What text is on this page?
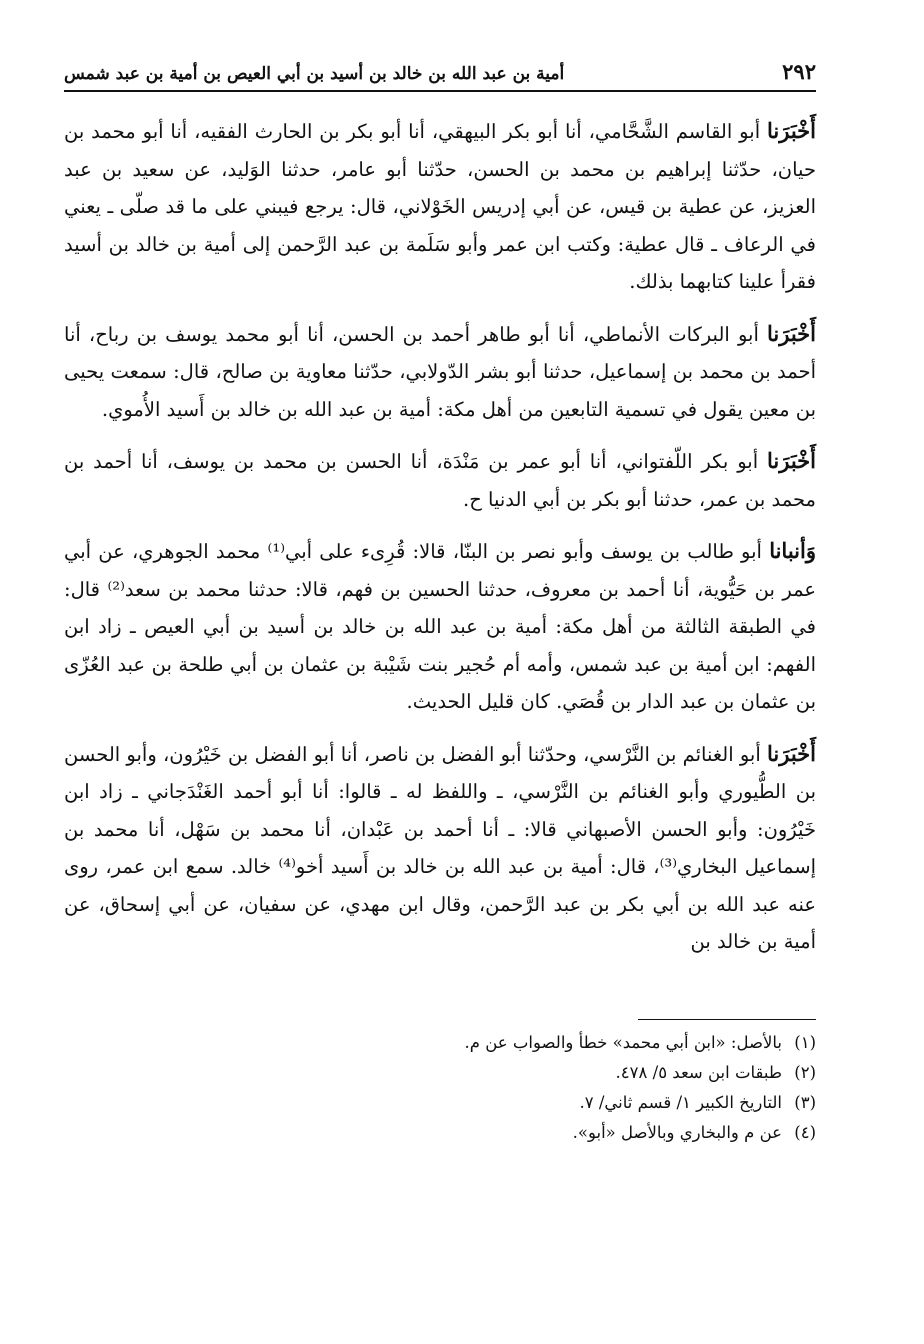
٢٩٢
أمية بن عبد الله بن خالد بن أسيد بن أبي العيص بن أمية بن عبد شمس

أَخْبَرَنا أبو القاسم الشَّحَّامي، أنا أبو بكر البيهقي، أنا أبو بكر بن الحارث الفقيه، أنا أبو محمد بن حيان، حدّثنا إبراهيم بن محمد بن الحسن، حدّثنا أبو عامر، حدثنا الوَليد، عن سعيد بن عبد العزيز، عن عطية بن قيس، عن أبي إدريس الخَوْلاني، قال: يرجع فيبني على ما قد صلّى ـ يعني في الرعاف ـ قال عطية: وكتب ابن عمر وأبو سَلَمة بن عبد الرَّحمن إلى أمية بن خالد بن أسيد فقرأ علينا كتابهما بذلك.

أَخْبَرَنا أبو البركات الأنماطي، أنا أبو طاهر أحمد بن الحسن، أنا أبو محمد يوسف بن رباح، أنا أحمد بن محمد بن إسماعيل، حدثنا أبو بشر الدّولابي، حدّثنا معاوية بن صالح، قال: سمعت يحيى بن معين يقول في تسمية التابعين من أهل مكة: أمية بن عبد الله بن خالد بن أَسيد الأُموي.

أَخْبَرَنا أبو بكر اللّفتواني، أنا أبو عمر بن مَنْدَة، أنا الحسن بن محمد بن يوسف، أنا أحمد بن محمد بن عمر، حدثنا أبو بكر بن أبي الدنيا ح.

وَأنبانا أبو طالب بن يوسف وأبو نصر بن البنّا، قالا: قُرِىء على أبي⁽¹⁾ محمد الجوهري، عن أبي عمر بن حَيُّوية، أنا أحمد بن معروف، حدثنا الحسين بن فهم، قالا: حدثنا محمد بن سعد⁽²⁾ قال: في الطبقة الثالثة من أهل مكة: أمية بن عبد الله بن خالد بن أسيد بن أبي العيص ـ زاد ابن الفهم: ابن أمية بن عبد شمس، وأمه أم حُجير بنت شَيْبة بن عثمان بن أبي طلحة بن عبد العُزّى بن عثمان بن عبد الدار بن قُصَي. كان قليل الحديث.

أَخْبَرَنا أبو الغنائم بن النَّرْسي، وحدّثنا أبو الفضل بن ناصر، أنا أبو الفضل بن خَيْرُون، وأبو الحسن بن الطُّيوري وأبو الغنائم بن النَّرْسي، ـ واللفظ له ـ قالوا: أنا أبو أحمد الغَنْدَجاني ـ زاد ابن خَيْرُون: وأبو الحسن الأصبهاني قالا: ـ أنا أحمد بن عَبْدان، أنا محمد بن سَهْل، أنا محمد بن إسماعيل البخاري⁽³⁾، قال: أمية بن عبد الله بن خالد بن أَسيد أخو⁽⁴⁾ خالد. سمع ابن عمر، روى عنه عبد الله بن أبي بكر بن عبد الرَّحمن، وقال ابن مهدي، عن سفيان، عن أبي إسحاق، عن أمية بن خالد بن

(١)بالأصل: «ابن أبي محمد» خطأ والصواب عن م.

(٢)طبقات ابن سعد ٥/ ٤٧٨.

(٣)التاريخ الكبير ١/ قسم ثاني/ ٧.

(٤)عن م والبخاري وبالأصل «أبو».
